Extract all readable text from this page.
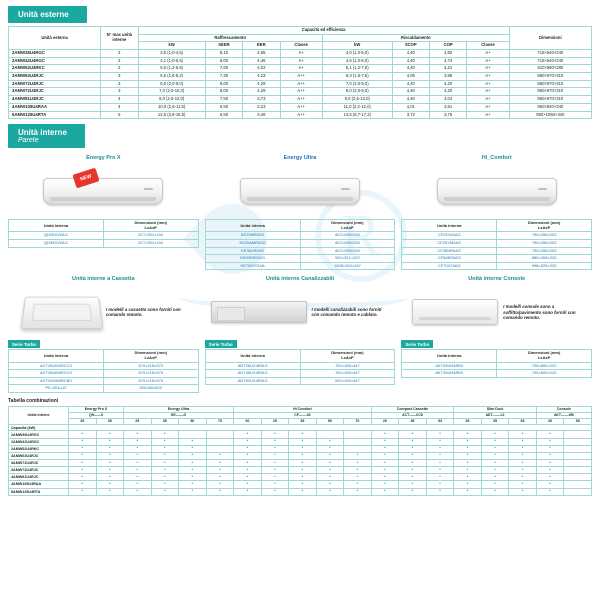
R
Unità esterne
Unità esterna	N° max unità interne	Capacità ed efficienza								Dimensioni
		Raffrescamento				Riscaldamento				
		kW	SEER	EER	Classe	kW	SCOP	COP	Classe	
2AMW35U4RGC	2	3,5 (1,0-4,5)	8,10	4,55	A+	4,0 (1,0-5,0)	4,40	4,82	A+	715×540×240
2AMW42U4RGC	2	4,1 (1,0-5,5)	8,00	4,46	A+	4,5 (1,0-6,0)	4,40	4,74	A+	715×540×240
2AMW52U4RKC	2	5,0 (1,2-6,6)	7,60	4,02	A+	5,1 (1,2-7,0)	4,40	4,21	A+	810×580×280
3AMW63U4RJC	3	5,5 (1,6-8,2)	7,30	4,23	A++	6,3 (1,5-7,5)	4,05	3,98	A+	860×670×310
3AMW72U4RJC	3	6,0 (2,0-9,0)	8,00	4,29	A++	7,0 (2,0-9,0)	4,40	4,20	A+	860×670×310
3AMW72U4RJC	3	7,0 (2,0-10,0)	8,00	4,29	A++	8,0 (2,0-9,5)	4,40	4,20	A+	860×670×310
4AMW81U4RJC	4	8,0 (2,5-12,0)	7,50	3,73	A++	9,0 (2,5-12,0)	4,40	4,04	A+	860×670×310
4AMW105U4RAA	4	10,0 (2,6-11,5)	6,50	3,23	A++	11,0 (2,2-12,0)	4,01	3,91	A+	950×840×340
5AMW125U4RTA	5	12,5 (3,8-15,5)	6,50	3,46	A++	13,5 (6,7-17,2)	3,72	3,75	A+	950×1050×340
Unità interne
Parete
Energy Pro X
NEW
Unità interna	Dimensioni (mm)
LxAxP
QH25XV0AG	877×301×194
QH35XV0AG	877×301×194
Energy Ultra
Unità interna	Dimensioni (mm)
LxAxP
KE25MR00G	822×259×205
KE25AMR00G	822×259×205
KE35XR00G	822×259×205
KE50SR001G	920×321×222
KE70N7010A	1008×324×247
Hi_Comfort
Unità interna	Dimensioni (mm)
LxAxP
CF25YA0AG	790×255×203
CF25YM0AG	790×255×203
CF35NR0AG	790×255×203
CF50BS0AG	880×308×226
CF70X70AG	998×325×225
Unità interne a Cassetta
I modelli a cassetto sono forniti con comando remoto.
Serie Turbo
Unità interna	Dimensioni (mm)
LxAxP
ACT26UM4RCC0	570×215×570
ACT35UM4RCC0	570×215×570
ACT53UM4RCB0	570×215×570
PE-GEk-U2	920×60×620
Unità interne Canalizzabili
I modelli canalizzabili sono forniti con comando remoto e cablato.
Serie Turbo
Unità interna	Dimensioni (mm)
LxAxP
ADT26UX4R0L0	700×195×447
ADT35UX4R0L0	700×195×447
ADT52UX4R0L0	920×199×447
Unità interne Console
I modelli console sono a soffitto/pavimento sono forniti con comando remoto.
Serie Turbo
Unità interna	Dimensioni (mm)
LxAxP
AKT26UH4RK0	700×600×220
AKT35UH4RK0	700×600×220
Tabella combinazioni
Unità interne	Energy Pro X		Energy Ultra				Hi Comfort					Compact Cassette			Slim Duct			Console	
	QH——X		KE——-G				CF——-04					ACT——CC8			ADT——-L0			AKT——-KB	
	25	35	25	35	50	70	20	25	35	50	70	26	35	53	26	35	53	26	35
Capacità (kW)																			
2AMW35U4RGC	•	•	•	•			•	•	•			•	•	•	•	•	•	•	
2AMW42U4RGC	•	•	•	•	•		•	•	•	•		•	•	•	•	•	•	•	
2AMW52U4RKC	•	•	•	•	•		•	•	•	•		•	•	•	•	•	•	•	
3AMW63U4RJC	•	•	•	•	•	•	•	•	•	•	•	•	•	•	•	•	•	•	
3AMW72U4RJC	•	•	•	•	•	•	•	•	•	•	•	•	•	•	•	•	•	•	
3AMW72U4RJC	•	•	•	•	•	•	•	•	•	•	•	•	•	•	•	•	•	•	
4AMW81U4RJC	•	•	•	•	•	•	•	•	•	•	•	•	•	•	•	•	•	•	
4AMW105U4RAA	•	•	•	•	•	•	•	•	•	•	•	•	•	•	•	•	•	•	
5AMW125U4RTA	•	•	•	•	•	•	•	•	•	•	•	•	•	•	•	•	•	•	
